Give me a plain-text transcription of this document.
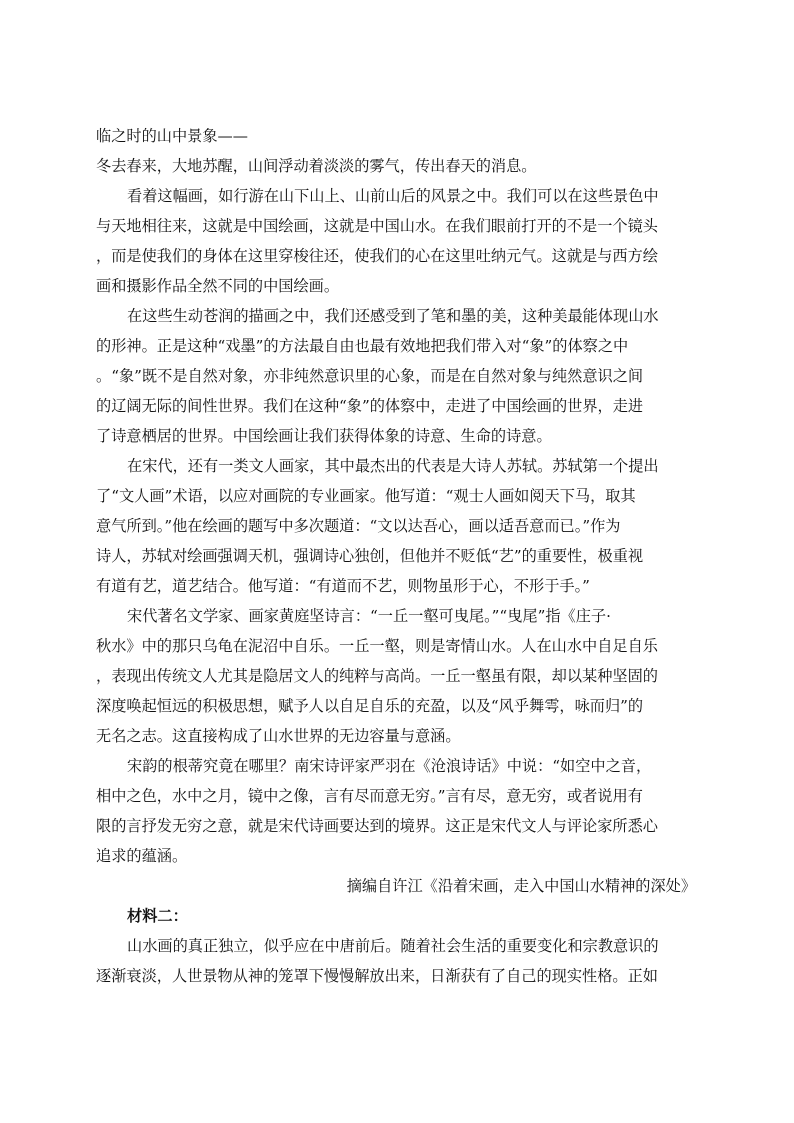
临之时的山中景象——
冬去春来，大地苏醒，山间浮动着淡淡的雾气，传出春天的消息。
看着这幅画，如行游在山下山上、山前山后的风景之中。我们可以在这些景色中
与天地相往来，这就是中国绘画，这就是中国山水。在我们眼前打开的不是一个镜头
，而是使我们的身体在这里穿梭往还，使我们的心在这里吐纳元气。这就是与西方绘
画和摄影作品全然不同的中国绘画。
在这些生动苍润的描画之中，我们还感受到了笔和墨的美，这种美最能体现山水
的形神。正是这种“戏墨”的方法最自由也最有效地把我们带入对“象”的体察之中
。“象”既不是自然对象，亦非纯然意识里的心象，而是在自然对象与纯然意识之间
的辽阔无际的间性世界。我们在这种“象”的体察中，走进了中国绘画的世界，走进
了诗意栖居的世界。中国绘画让我们获得体象的诗意、生命的诗意。
在宋代，还有一类文人画家，其中最杰出的代表是大诗人苏轼。苏轼第一个提出
了“文人画”术语，以应对画院的专业画家。他写道：“观士人画如阅天下马，取其
意气所到。”他在绘画的题写中多次题道：“文以达吾心，画以适吾意而已。”作为
诗人，苏轼对绘画强调天机，强调诗心独创，但他并不贬低“艺”的重要性，极重视
有道有艺，道艺结合。他写道：“有道而不艺，则物虽形于心，不形于手。”
宋代著名文学家、画家黄庭坚诗言：“一丘一壑可曳尾。”“曳尾”指《庄子·
秋水》中的那只乌龟在泥沼中自乐。一丘一壑，则是寄情山水。人在山水中自足自乐
，表现出传统文人尤其是隐居文人的纯粹与高尚。一丘一壑虽有限，却以某种坚固的
深度唤起恒远的积极思想，赋予人以自足自乐的充盈，以及“风乎舞雩，咏而归”的
无名之志。这直接构成了山水世界的无边容量与意涵。
宋韵的根蒂究竟在哪里？南宋诗评家严羽在《沧浪诗话》中说：“如空中之音，
相中之色，水中之月，镜中之像，言有尽而意无穷。”言有尽，意无穷，或者说用有
限的言抒发无穷之意，就是宋代诗画要达到的境界。这正是宋代文人与评论家所悉心
追求的蕴涵。
摘编自许江《沿着宋画，走入中国山水精神的深处》
材料二：
山水画的真正独立，似乎应在中唐前后。随着社会生活的重要变化和宗教意识的
逐渐衰淡，人世景物从神的笼罩下慢慢解放出来，日渐获有了自己的现实性格。正如
